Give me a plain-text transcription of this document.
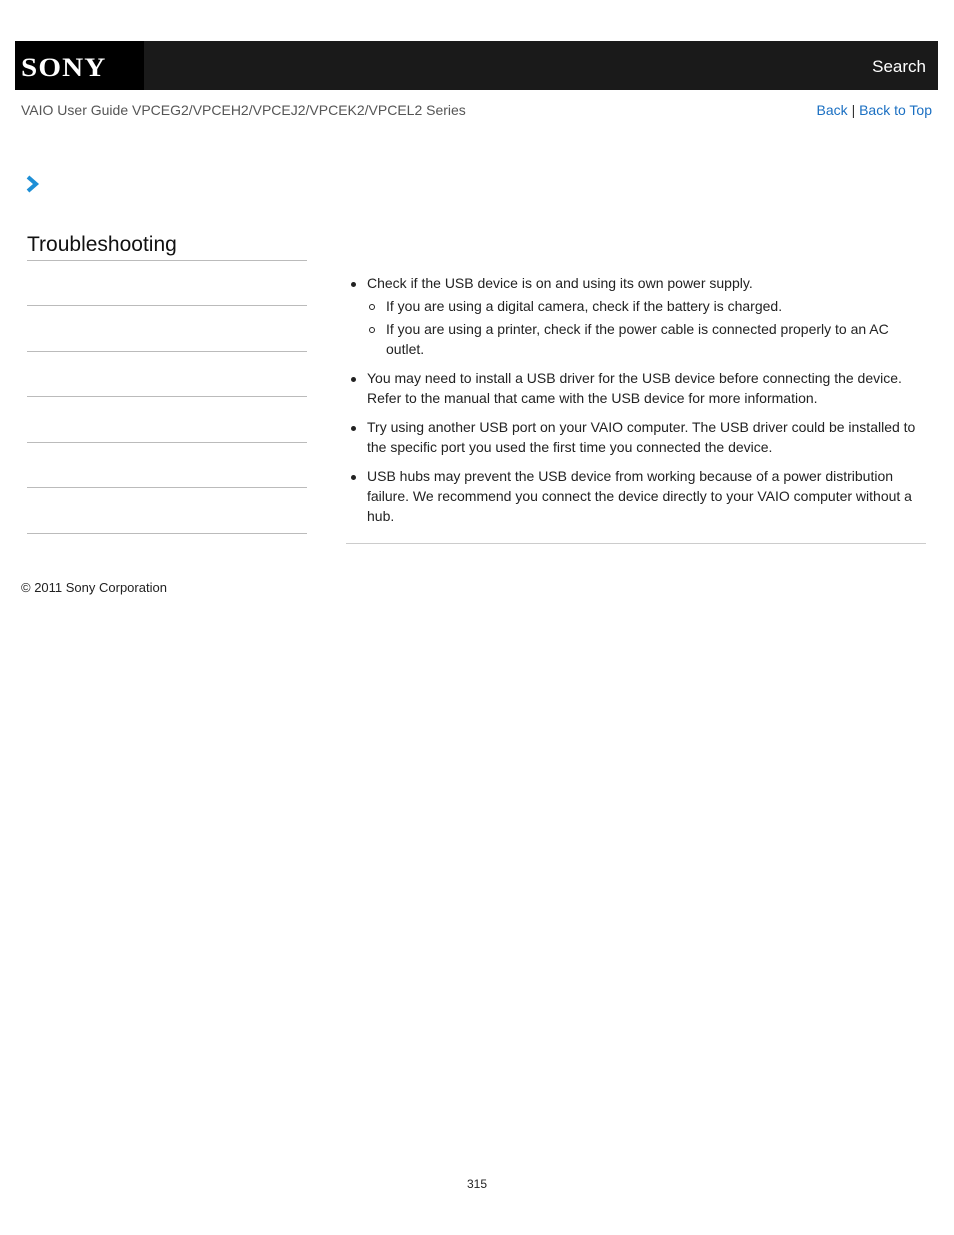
SONY	Search
VAIO User Guide VPCEG2/VPCEH2/VPCEJ2/VPCEK2/VPCEL2 Series	Back | Back to Top
Troubleshooting
Check if the USB device is on and using its own power supply.
If you are using a digital camera, check if the battery is charged.
If you are using a printer, check if the power cable is connected properly to an AC outlet.
You may need to install a USB driver for the USB device before connecting the device. Refer to the manual that came with the USB device for more information.
Try using another USB port on your VAIO computer. The USB driver could be installed to the specific port you used the first time you connected the device.
USB hubs may prevent the USB device from working because of a power distribution failure. We recommend you connect the device directly to your VAIO computer without a hub.
© 2011 Sony Corporation
315
